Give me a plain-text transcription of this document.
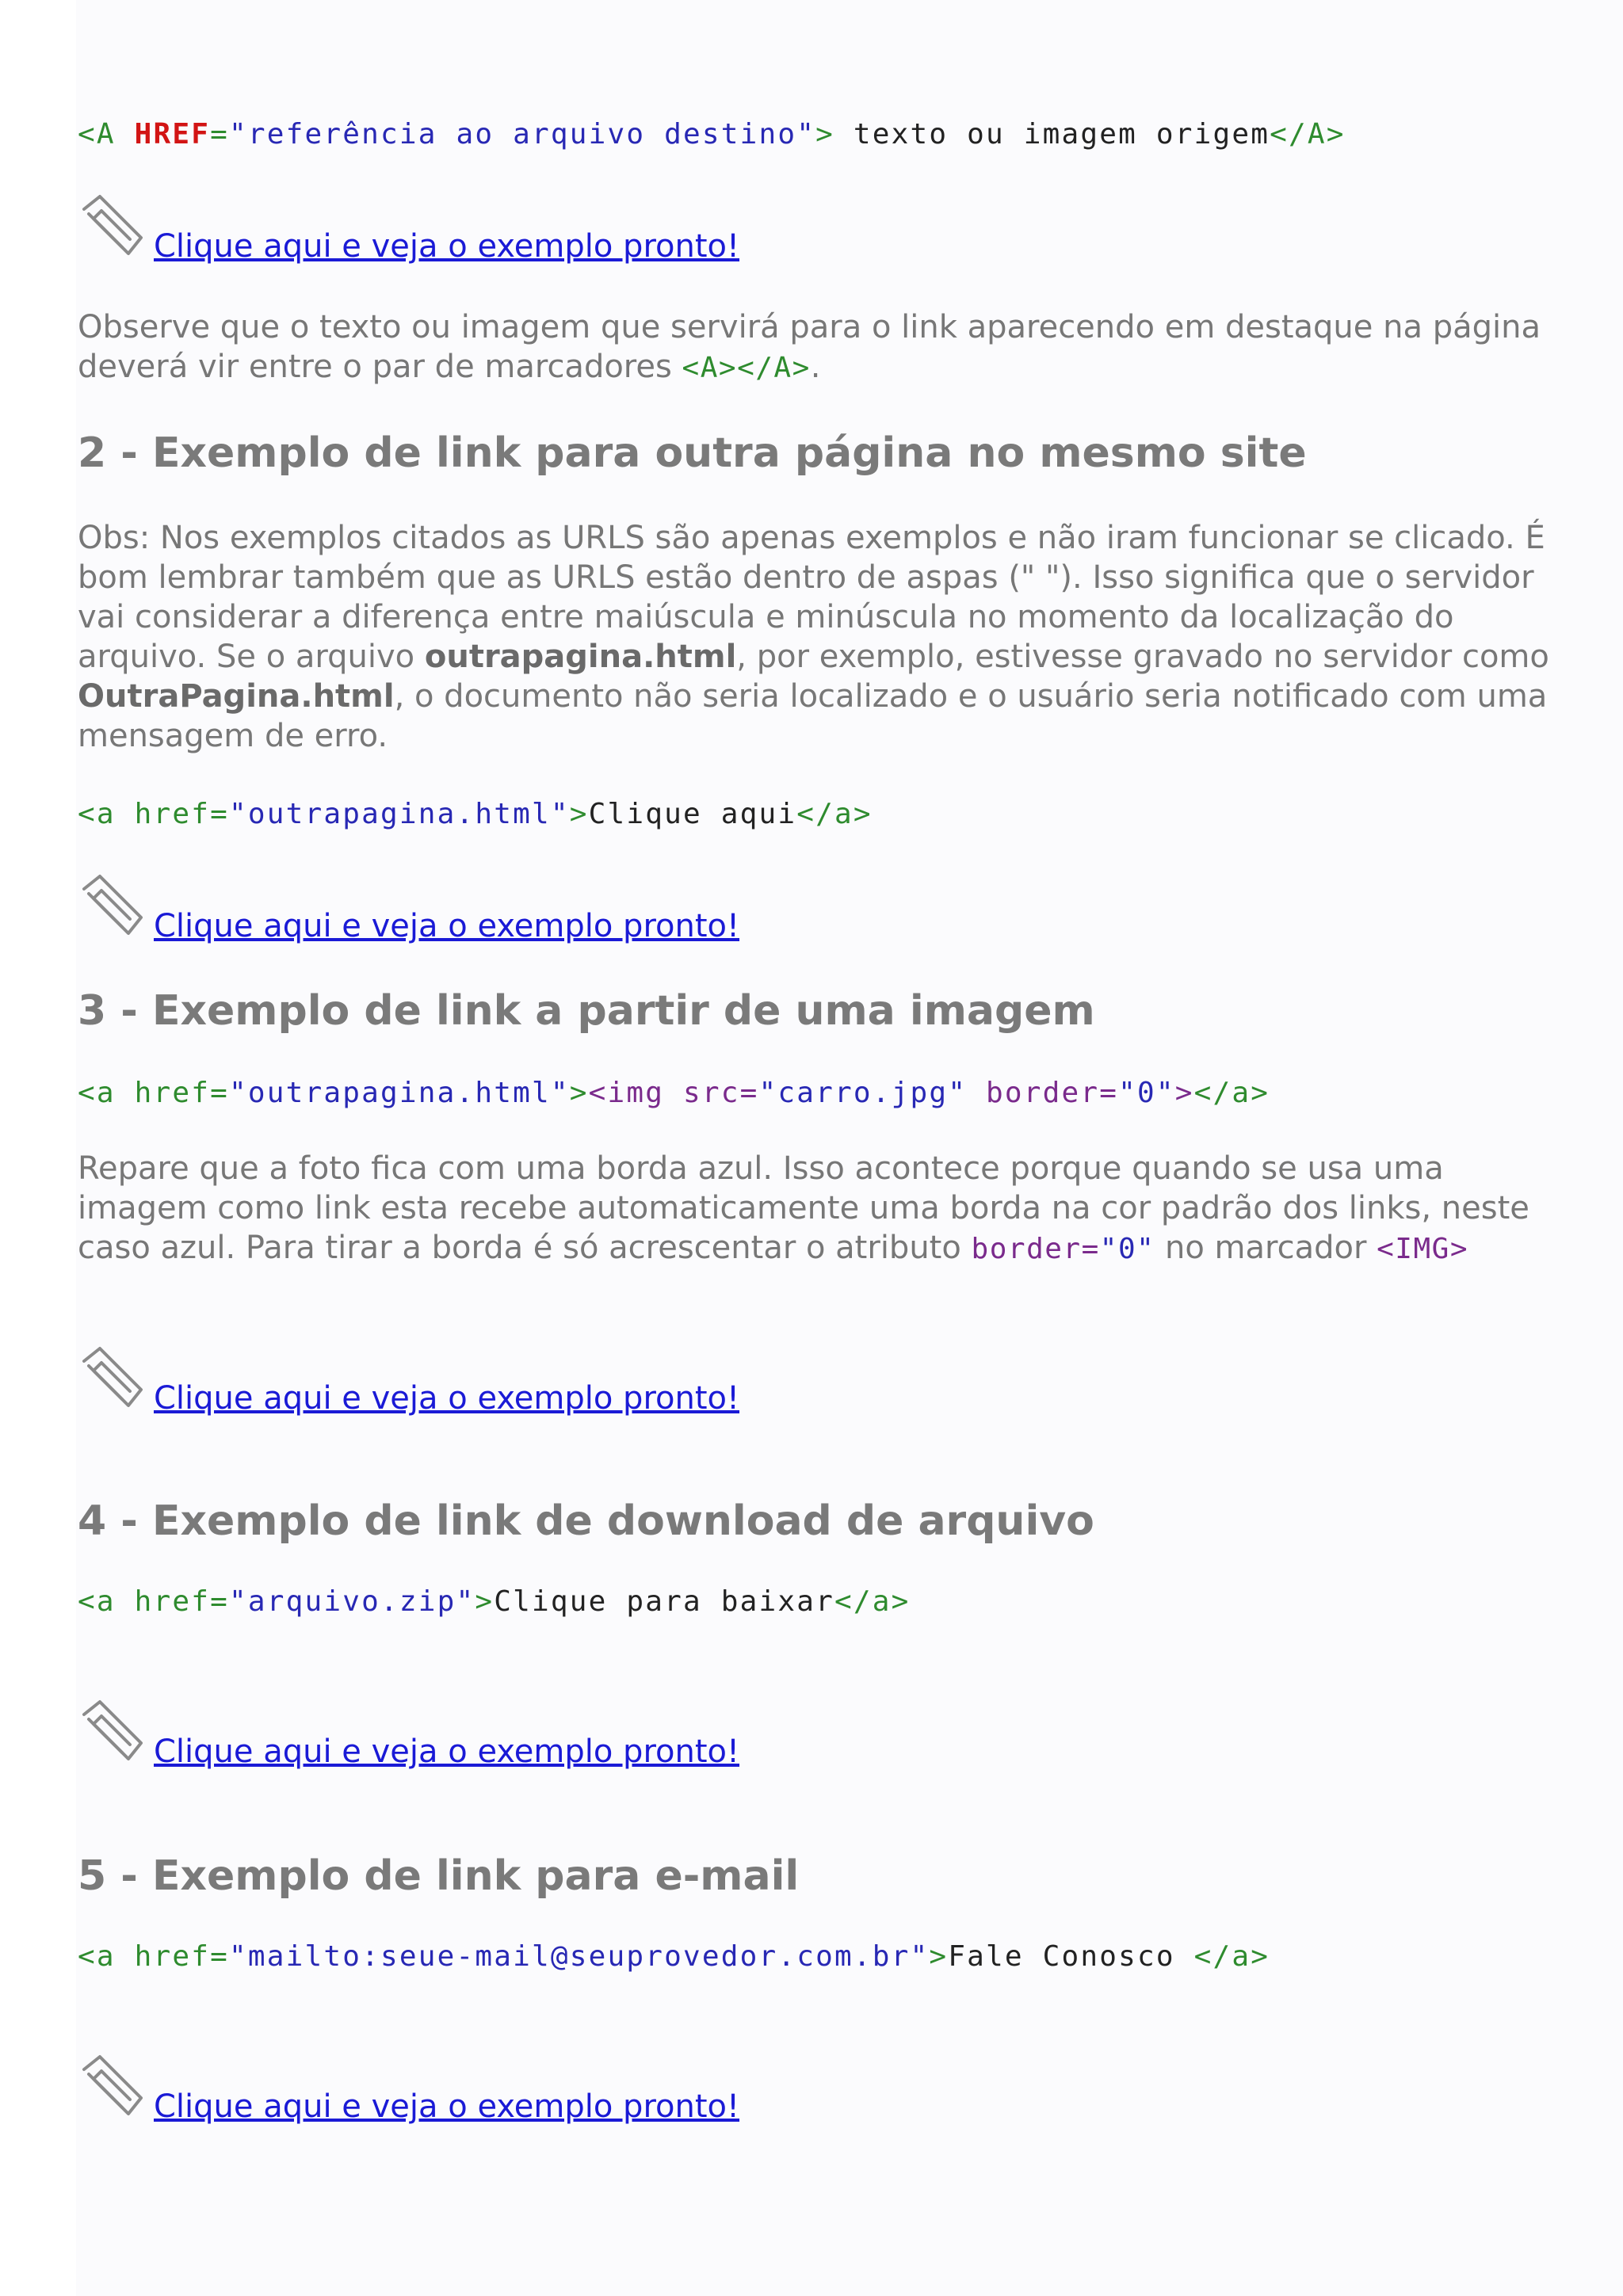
<A HREF="referência ao arquivo destino"> texto ou imagem origem</A>
Clique aqui e veja o exemplo pronto!
Observe que o texto ou imagem que servirá para o link aparecendo em destaque na página deverá vir entre o par de marcadores <A></A>.
2 - Exemplo de link para outra página no mesmo site
Obs: Nos exemplos citados as URLS são apenas exemplos e não iram funcionar se clicado. É bom lembrar também que as URLS estão dentro de aspas (" "). Isso significa que o servidor vai considerar a diferença entre maiúscula e minúscula no momento da localização do arquivo. Se o arquivo outrapagina.html, por exemplo, estivesse gravado no servidor como OutraPagina.html, o documento não seria localizado e o usuário seria notificado com uma mensagem de erro.
<a href="outrapagina.html">Clique aqui</a>
Clique aqui e veja o exemplo pronto!
3 - Exemplo de link a partir de uma imagem
<a href="outrapagina.html"><img src="carro.jpg" border="0"></a>
Repare que a foto fica com uma borda azul. Isso acontece porque quando se usa uma imagem como link esta recebe automaticamente uma borda na cor padrão dos links, neste caso azul. Para tirar a borda é só acrescentar o atributo border="0" no marcador <IMG>
Clique aqui e veja o exemplo pronto!
4 - Exemplo de link de download de arquivo
<a href="arquivo.zip">Clique para baixar</a>
Clique aqui e veja o exemplo pronto!
5 - Exemplo de link para e-mail
<a href="mailto:seue-mail@seuprovedor.com.br">Fale Conosco </a>
Clique aqui e veja o exemplo pronto!
